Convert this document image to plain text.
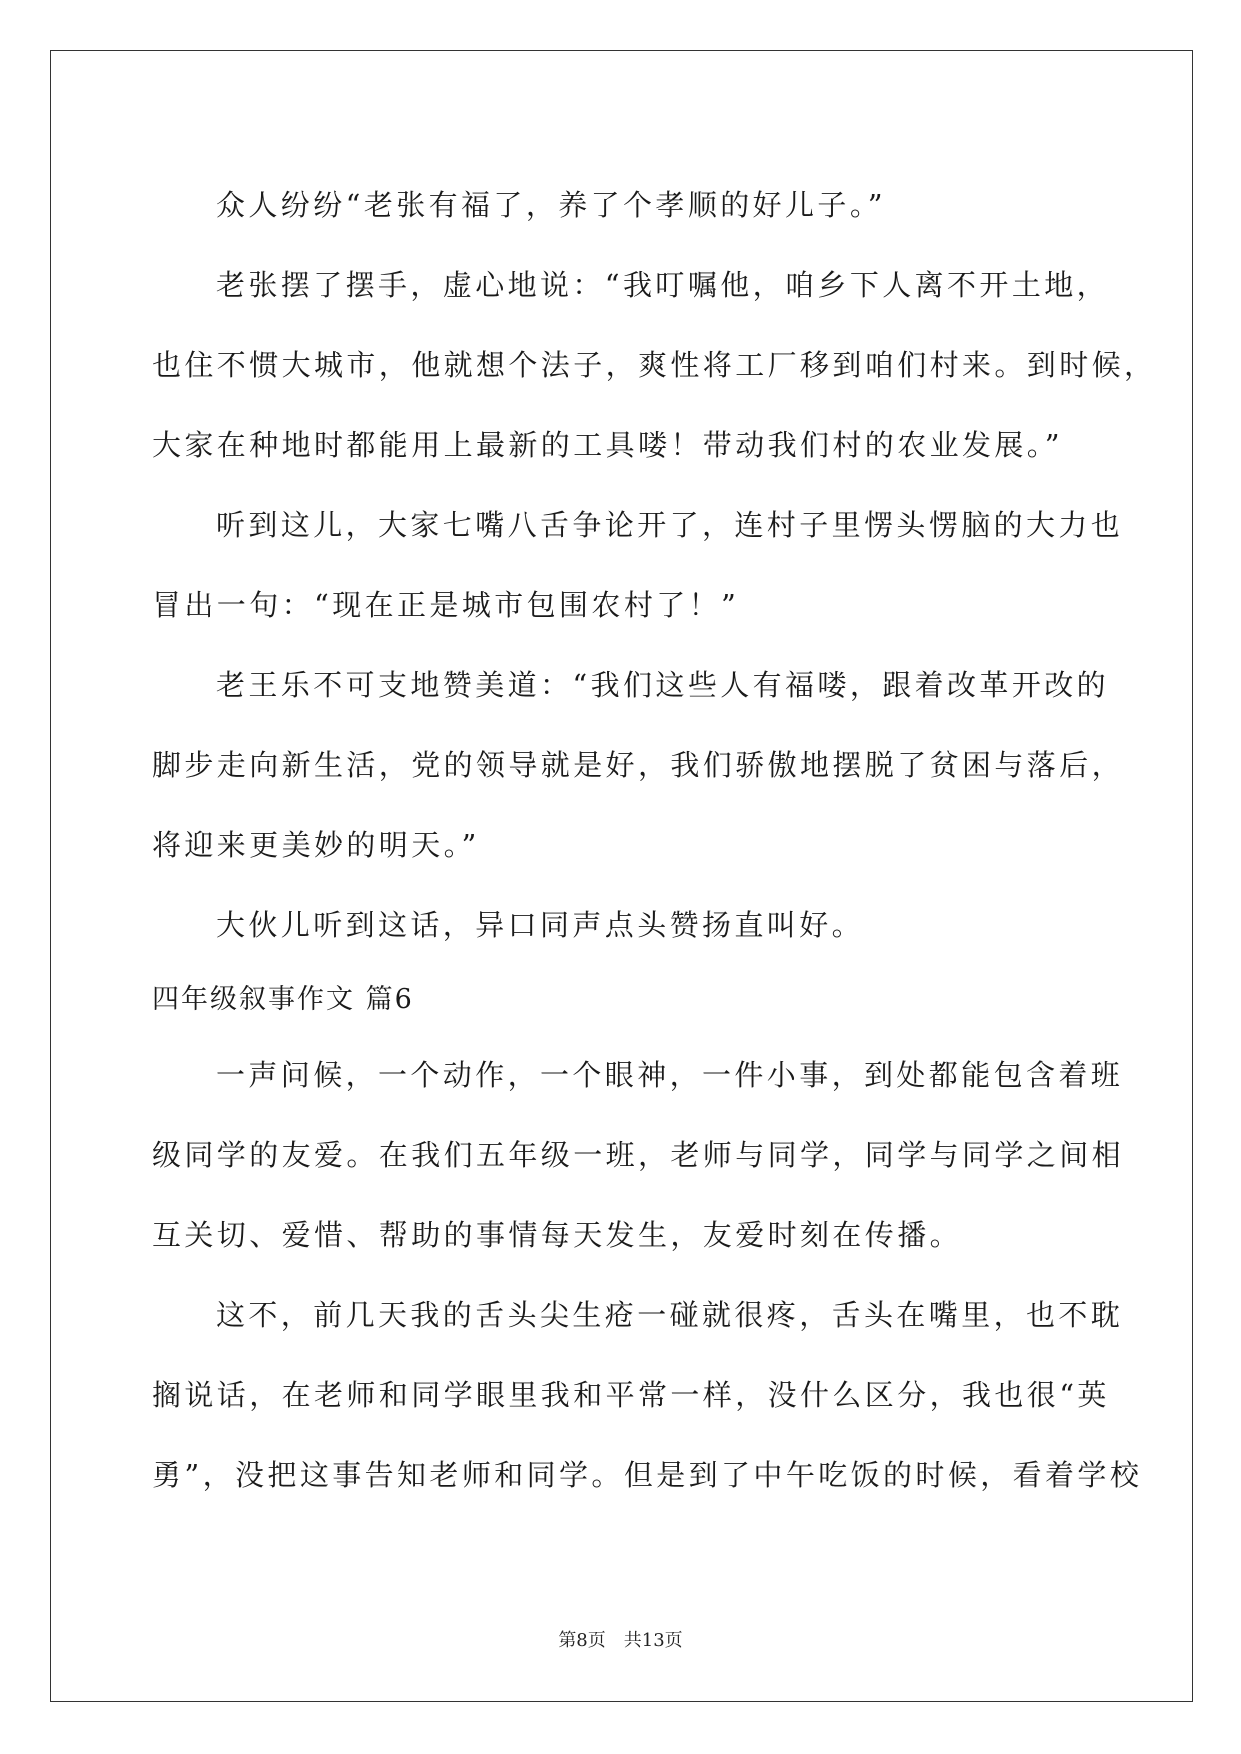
众人纷纷“老张有福了，养了个孝顺的好儿子。”

老张摆了摆手，虚心地说：“我叮嘱他，咱乡下人离不开土地，

也住不惯大城市，他就想个法子，爽性将工厂移到咱们村来。到时候，

大家在种地时都能用上最新的工具喽！带动我们村的农业发展。”

听到这儿，大家七嘴八舌争论开了，连村子里愣头愣脑的大力也

冒出一句：“现在正是城市包围农村了！”

老王乐不可支地赞美道：“我们这些人有福喽，跟着改革开改的

脚步走向新生活，党的领导就是好，我们骄傲地摆脱了贫困与落后，

将迎来更美妙的明天。”

大伙儿听到这话，异口同声点头赞扬直叫好。

四年级叙事作文 篇6

一声问候，一个动作，一个眼神，一件小事，到处都能包含着班

级同学的友爱。在我们五年级一班，老师与同学，同学与同学之间相

互关切、爱惜、帮助的事情每天发生，友爱时刻在传播。

这不，前几天我的舌头尖生疮一碰就很疼，舌头在嘴里，也不耽

搁说话，在老师和同学眼里我和平常一样，没什么区分，我也很“英

勇”，没把这事告知老师和同学。但是到了中午吃饭的时候，看着学校

第8页 共13页
